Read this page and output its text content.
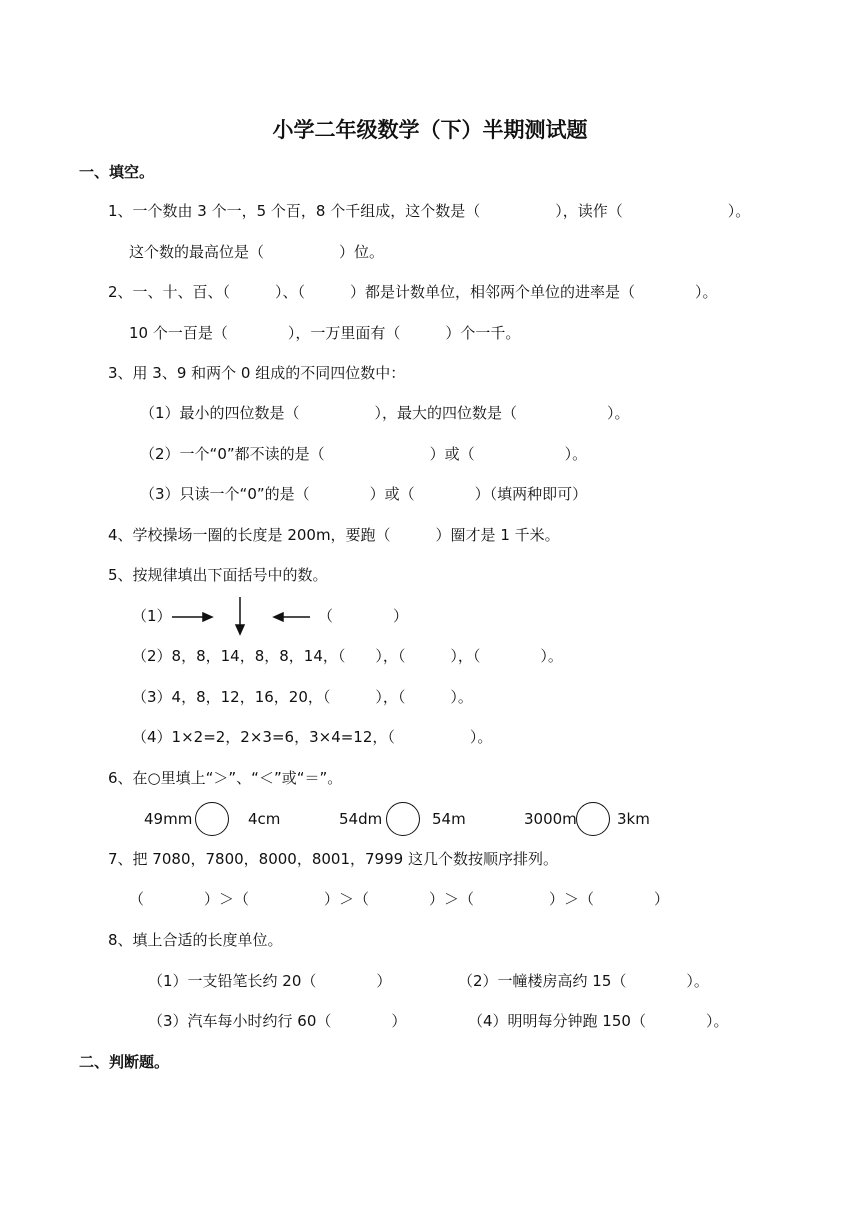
小学二年级数学（下）半期测试题
一、填空。
1、一个数由 3 个一，5 个百，8 个千组成，这个数是（　　　　　），读作（　　　　　　　）。
这个数的最高位是（　　　　　）位。
2、一、十、百、（　　　）、（　　　）都是计数单位，相邻两个单位的进率是（　　　　）。
10 个一百是（　　　　），一万里面有（　　　）个一千。
3、用 3、9 和两个 0 组成的不同四位数中：
（1）最小的四位数是（　　　　　），最大的四位数是（　　　　　　）。
（2）一个“0”都不读的是（　　　　　　　）或（　　　　　　）。
（3）只读一个“0”的是（　　　　）或（　　　　）（填两种即可）
4、学校操场一圈的长度是 200m，要跑（　　　）圈才是 1 千米。
5、按规律填出下面括号中的数。
（1）	（　　　　）
（2）8，8，14，8，8，14，（　　），（　　　），（　　　　）。
（3）4，8，12，16，20，（　　　），（　　　）。
（4）1×2=2，2×3=6，3×4=12，（　　　　　）。
6、在○里填上“＞”、“＜”或“＝”。
49mm	4cm	54dm	54m	3000m	3km
7、把 7080，7800，8000，8001，7999 这几个数按顺序排列。
（　　　　）＞（　　　　　）＞（　　　　）＞（　　　　　）＞（　　　　）
8、填上合适的长度单位。
（1）一支铅笔长约 20（　　　　）	（2）一幢楼房高约 15（　　　　）。
（3）汽车每小时约行 60（　　　　）	（4）明明每分钟跑 150（　　　　）。
二、判断题。
